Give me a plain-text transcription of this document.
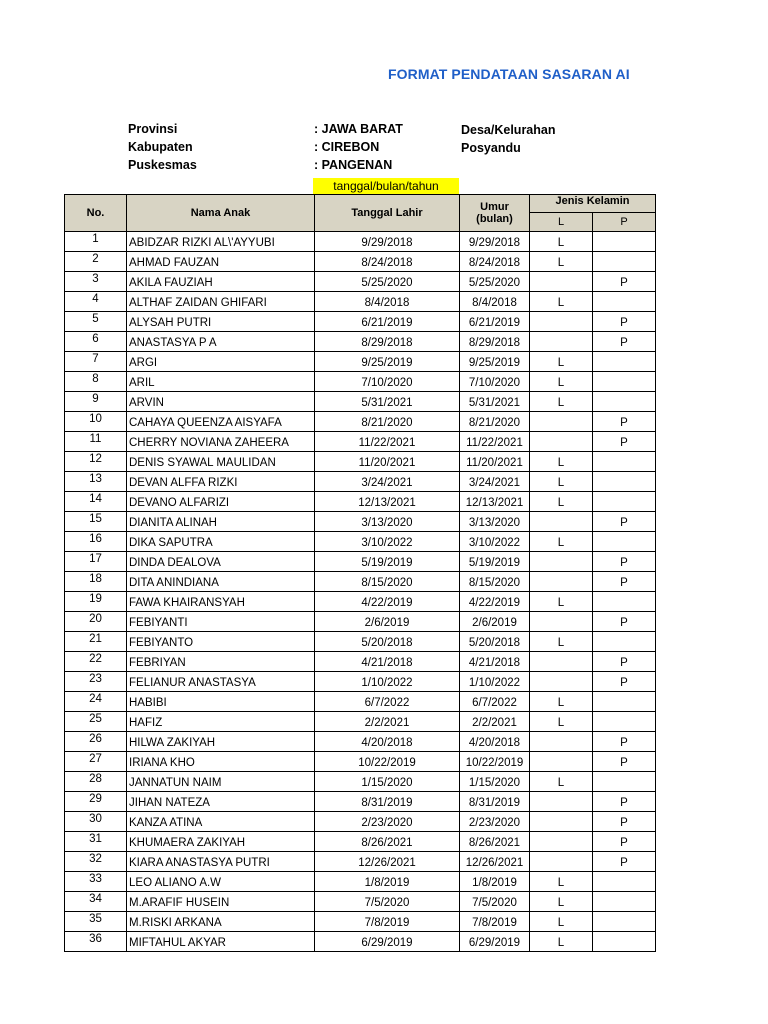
FORMAT PENDATAAN SASARAN AI
Provinsi	: JAWA BARAT
Kabupaten	: CIREBON
Puskesmas	: PANGENAN
Desa/Kelurahan
Posyandu
tanggal/bulan/tahun
No.	Nama Anak	Tanggal Lahir	Umur
(bulan)	Jenis Kelamin	
				L	P
1	ABIDZAR RIZKI AL\'AYYUBI	9/29/2018	9/29/2018	L	
2	AHMAD FAUZAN	8/24/2018	8/24/2018	L	
3	AKILA FAUZIAH	5/25/2020	5/25/2020		P
4	ALTHAF ZAIDAN GHIFARI	8/4/2018	8/4/2018	L	
5	ALYSAH PUTRI	6/21/2019	6/21/2019		P
6	ANASTASYA P A	8/29/2018	8/29/2018		P
7	ARGI	9/25/2019	9/25/2019	L	
8	ARIL	7/10/2020	7/10/2020	L	
9	ARVIN	5/31/2021	5/31/2021	L	
10	CAHAYA QUEENZA AISYAFA	8/21/2020	8/21/2020		P
11	CHERRY NOVIANA ZAHEERA	11/22/2021	11/22/2021		P
12	DENIS SYAWAL MAULIDAN	11/20/2021	11/20/2021	L	
13	DEVAN ALFFA RIZKI	3/24/2021	3/24/2021	L	
14	DEVANO ALFARIZI	12/13/2021	12/13/2021	L	
15	DIANITA ALINAH	3/13/2020	3/13/2020		P
16	DIKA SAPUTRA	3/10/2022	3/10/2022	L	
17	DINDA DEALOVA	5/19/2019	5/19/2019		P
18	DITA ANINDIANA	8/15/2020	8/15/2020		P
19	FAWA KHAIRANSYAH	4/22/2019	4/22/2019	L	
20	FEBIYANTI	2/6/2019	2/6/2019		P
21	FEBIYANTO	5/20/2018	5/20/2018	L	
22	FEBRIYAN	4/21/2018	4/21/2018		P
23	FELIANUR ANASTASYA	1/10/2022	1/10/2022		P
24	HABIBI	6/7/2022	6/7/2022	L	
25	HAFIZ	2/2/2021	2/2/2021	L	
26	HILWA ZAKIYAH	4/20/2018	4/20/2018		P
27	IRIANA KHO	10/22/2019	10/22/2019		P
28	JANNATUN NAIM	1/15/2020	1/15/2020	L	
29	JIHAN NATEZA	8/31/2019	8/31/2019		P
30	KANZA ATINA	2/23/2020	2/23/2020		P
31	KHUMAERA ZAKIYAH	8/26/2021	8/26/2021		P
32	KIARA ANASTASYA PUTRI	12/26/2021	12/26/2021		P
33	LEO ALIANO A.W	1/8/2019	1/8/2019	L	
34	M.ARAFIF HUSEIN	7/5/2020	7/5/2020	L	
35	M.RISKI ARKANA	7/8/2019	7/8/2019	L	
36	MIFTAHUL AKYAR	6/29/2019	6/29/2019	L	
